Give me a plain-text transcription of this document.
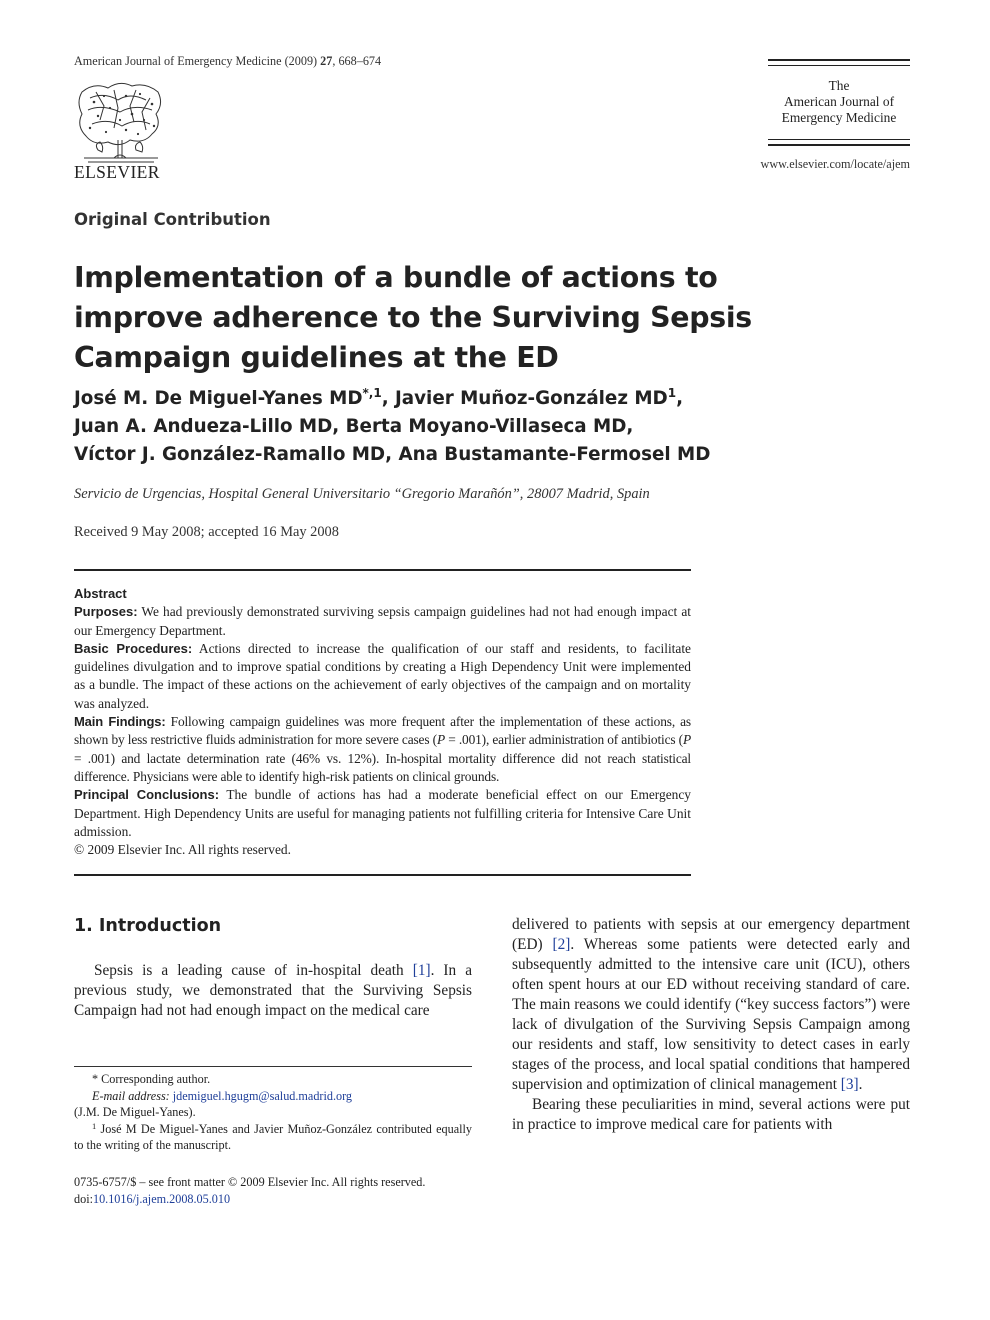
American Journal of Emergency Medicine (2009) 27, 668–674
ELSEVIER
The
American Journal of
Emergency Medicine
www.elsevier.com/locate/ajem
Original Contribution
Implementation of a bundle of actions to improve adherence to the Surviving Sepsis Campaign guidelines at the ED
José M. De Miguel-Yanes $MD^{*,1}$, Javier Muñoz-González $MD^1$,
Juan A. Andueza-Lillo MD, Berta Moyano-Villaseca MD,
Víctor J. González-Ramallo MD, Ana Bustamante-Fermosel MD
Servicio de Urgencias, Hospital General Universitario “Gregorio Marañón”, 28007 Madrid, Spain
Received 9 May 2008; accepted 16 May 2008

Abstract

Purposes: We had previously demonstrated surviving sepsis campaign guidelines had not had enough impact at our Emergency Department.

Basic Procedures: Actions directed to increase the qualification of our staff and residents, to facilitate guidelines divulgation and to improve spatial conditions by creating a High Dependency Unit were implemented as a bundle. The impact of these actions on the achievement of early objectives of the campaign and on mortality was analyzed.

Main Findings: Following campaign guidelines was more frequent after the implementation of these actions, as shown by less restrictive fluids administration for more severe cases (P = .001), earlier administration of antibiotics (P = .001) and lactate determination rate (46% vs. 12%). In-hospital mortality difference did not reach statistical difference. Physicians were able to identify high-risk patients on clinical grounds.

Principal Conclusions: The bundle of actions has had a moderate beneficial effect on our Emergency Department. High Dependency Units are useful for managing patients not fulfilling criteria for Intensive Care Unit admission.

© 2009 Elsevier Inc. All rights reserved.

1. Introduction
Sepsis is a leading cause of in-hospital death [1]. In a previous study, we demonstrated that the Surviving Sepsis Campaign had not had enough impact on the medical care

delivered to patients with sepsis at our emergency department (ED) [2]. Whereas some patients were detected early and subsequently admitted to the intensive care unit (ICU), others often spent hours at our ED without receiving standard of care. The main reasons we could identify (“key success factors”) were lack of divulgation of the Surviving Sepsis Campaign among our residents and staff, low sensitivity to detect cases in early stages of the process, and local spatial conditions that hampered supervision and optimization of clinical management [3].

Bearing these peculiarities in mind, several actions were put in practice to improve medical care for patients with

* Corresponding author.

E-mail address: jdemiguel.hgugm@salud.madrid.org

(J.M. De Miguel-Yanes).

$^1$ José M De Miguel-Yanes and Javier Muñoz-González contributed equally to the writing of the manuscript.

0735-6757/$ – see front matter © 2009 Elsevier Inc. All rights reserved.
doi:10.1016/j.ajem.2008.05.010
